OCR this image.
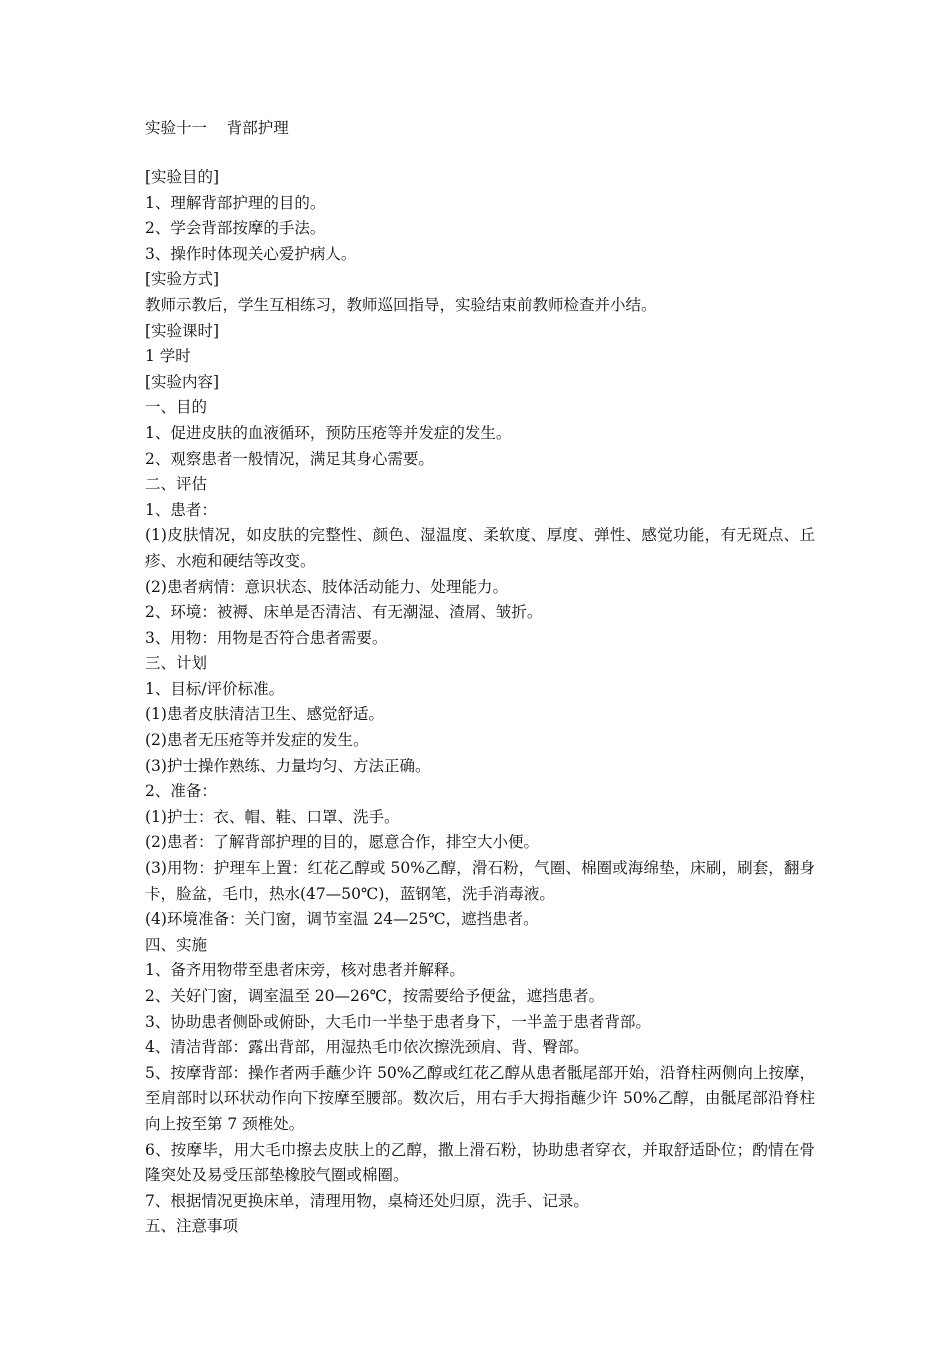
实验十一    背部护理
[实验目的]
1、理解背部护理的目的。
2、学会背部按摩的手法。
3、操作时体现关心爱护病人。
[实验方式]
教师示教后，学生互相练习，教师巡回指导，实验结束前教师检查并小结。
[实验课时]
1 学时
[实验内容]
一、目的
1、促进皮肤的血液循环，预防压疮等并发症的发生。
2、观察患者一般情况，满足其身心需要。
二、评估
1、患者：
(1)皮肤情况，如皮肤的完整性、颜色、湿温度、柔软度、厚度、弹性、感觉功能，有无斑点、丘疹、水疱和硬结等改变。
(2)患者病情：意识状态、肢体活动能力、处理能力。
2、环境：被褥、床单是否清洁、有无潮湿、渣屑、皱折。
3、用物：用物是否符合患者需要。
三、计划
1、目标/评价标准。
(1)患者皮肤清洁卫生、感觉舒适。
(2)患者无压疮等并发症的发生。
(3)护士操作熟练、力量均匀、方法正确。
2、准备：
(1)护士：衣、帽、鞋、口罩、洗手。
(2)患者：了解背部护理的目的，愿意合作，排空大小便。
(3)用物：护理车上置：红花乙醇或 50%乙醇，滑石粉，气圈、棉圈或海绵垫，床刷，刷套，翻身卡，脸盆，毛巾，热水(47—50℃)，蓝钢笔，洗手消毒液。
(4)环境准备：关门窗，调节室温 24—25℃，遮挡患者。
四、实施
1、备齐用物带至患者床旁，核对患者并解释。
2、关好门窗，调室温至 20—26℃，按需要给予便盆，遮挡患者。
3、协助患者侧卧或俯卧，大毛巾一半垫于患者身下，一半盖于患者背部。
4、清洁背部：露出背部，用湿热毛巾依次擦洗颈肩、背、臀部。
5、按摩背部：操作者两手蘸少许 50%乙醇或红花乙醇从患者骶尾部开始，沿脊柱两侧向上按摩，至肩部时以环状动作向下按摩至腰部。数次后，用右手大拇指蘸少许 50%乙醇，由骶尾部沿脊柱向上按至第 7 颈椎处。
6、按摩毕，用大毛巾擦去皮肤上的乙醇，撒上滑石粉，协助患者穿衣，并取舒适卧位；酌情在骨隆突处及易受压部垫橡胶气圈或棉圈。
7、根据情况更换床单，清理用物，桌椅还处归原，洗手、记录。
五、注意事项
